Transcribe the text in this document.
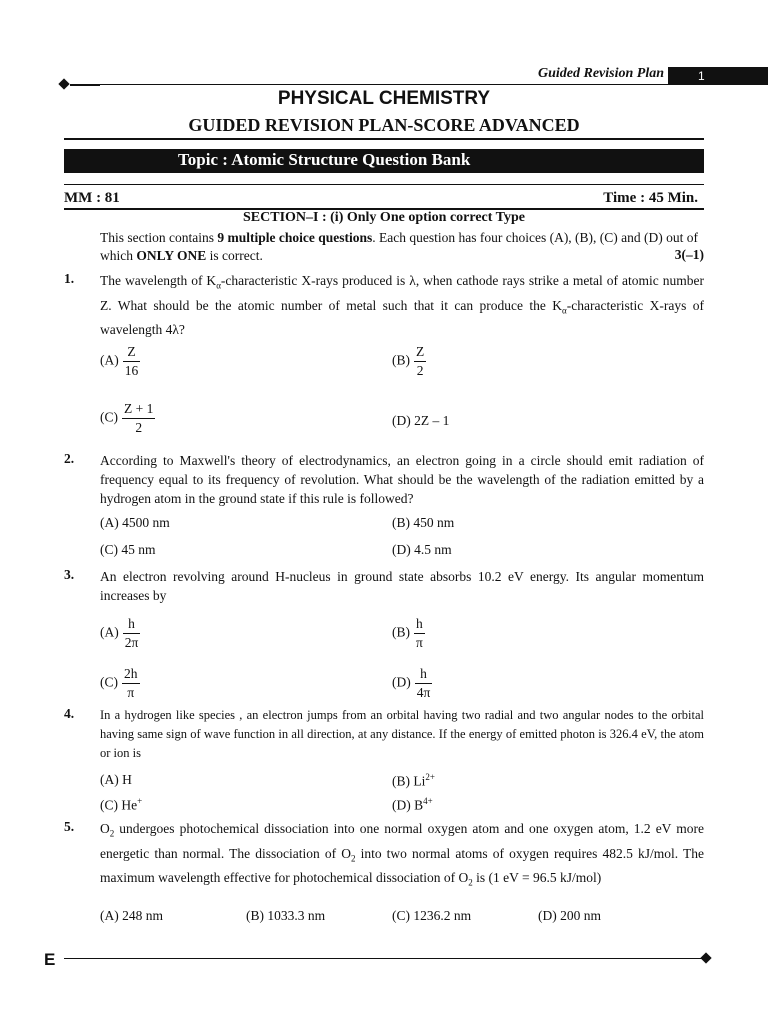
Guided Revision Plan	1
PHYSICAL CHEMISTRY
GUIDED REVISION PLAN-SCORE ADVANCED
Topic : Atomic Structure Question Bank
MM : 81	Time : 45 Min.
SECTION–I : (i) Only One option correct Type
This section contains 9 multiple choice questions. Each question has four choices (A), (B), (C) and (D) out of which ONLY ONE is correct.	3(–1)
1. The wavelength of $K_\alpha$-characteristic X-rays produced is λ, when cathode rays strike a metal of atomic number Z. What should be the atomic number of metal such that it can produce the $K_\alpha$-characteristic X-rays of wavelength 4λ?
$(A) \frac{Z}{16}$	$(B) \frac{Z}{2}$
$(C) \frac{Z + 1}{2}$	(D) 2Z – 1
2. According to Maxwell's theory of electrodynamics, an electron going in a circle should emit radiation of frequency equal to its frequency of revolution. What should be the wavelength of the radiation emitted by a hydrogen atom in the ground state if this rule is followed?
(A) 4500 nm	(B) 450 nm
(C) 45 nm	(D) 4.5 nm
3. An electron revolving around H-nucleus in ground state absorbs 10.2 eV energy. Its angular momentum increases by
$(A) \frac{h}{2\pi}$	$(B) \frac{h}{\pi}$
$(C) \frac{2h}{\pi}$	$(D) \frac{h}{4\pi}$
4. In a hydrogen like species , an electron jumps from an orbital having two radial and two angular nodes to the orbital having same sign of wave function in all direction, at any distance. If the energy of emitted photon is 326.4 eV, the atom or ion is
(A) H	(B) $Li^{2+}$
(C) He+	(D) $B^{4+}$
5. $O_2$ undergoes photochemical dissociation into one normal oxygen atom and one oxygen atom, 1.2 eV more energetic than normal. The dissociation of $O_2$ into two normal atoms of oxygen requires 482.5 kJ/mol. The maximum wavelength effective for photochemical dissociation of $O_2$ is (1 eV = 96.5 kJ/mol)
(A) 248 nm	(B) 1033.3 nm	(C) 1236.2 nm	(D) 200 nm
E
